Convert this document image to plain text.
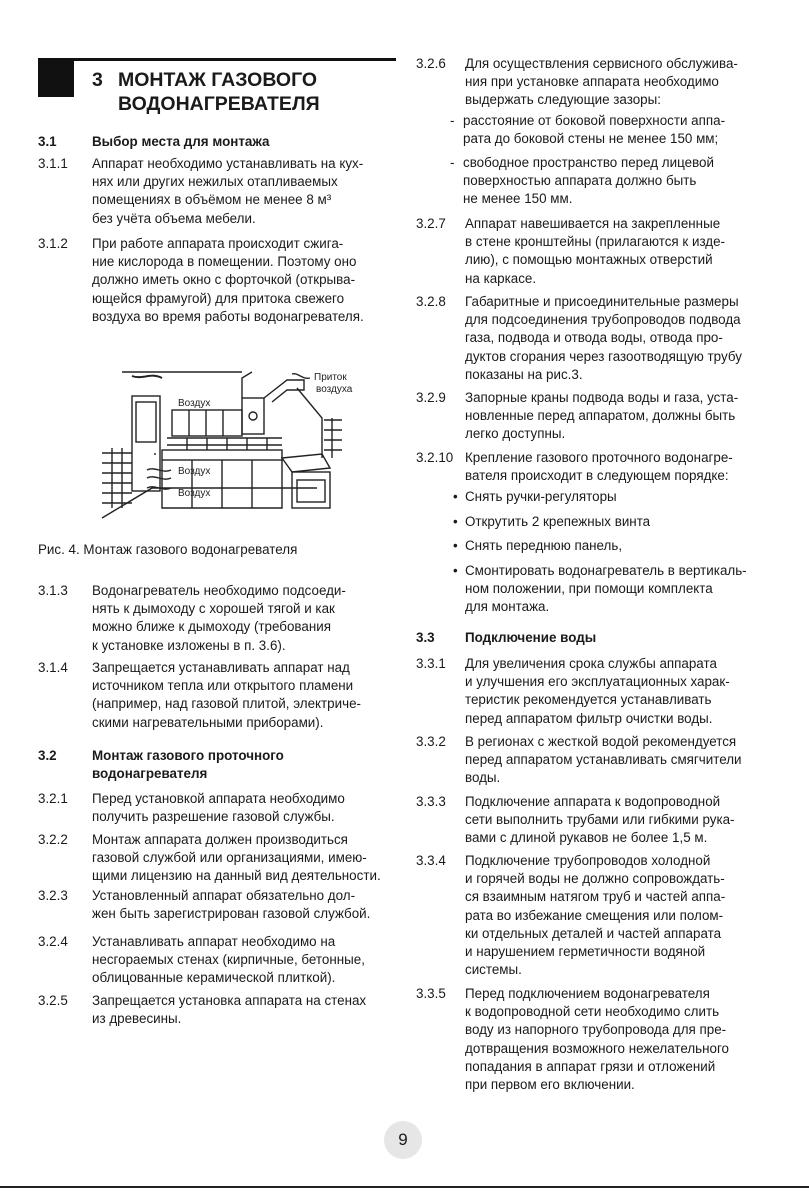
3 МОНТАЖ ГАЗОВОГО
ВОДОНАГРЕВАТЕЛЯ
3.1	Выбор места для монтажа
3.1.1	Аппарат необходимо устанавливать на кух-
нях или других нежилых отапливаемых
помещениях в объёмом не менее 8 м³
без учёта объема мебели.
3.1.2	При работе аппарата происходит сжига-
ние кислорода в помещении. Поэтому оно
должно иметь окно с форточкой (открыва-
ющейся фрамугой) для притока свежего
воздуха во время работы водонагревателя.
3.1.3	Водонагреватель необходимо подсоеди-
нять к дымоходу с хорошей тягой и как
можно ближе к дымоходу (требования
к установке изложены в п. 3.6).
3.1.4	Запрещается устанавливать аппарат над
источником тепла или открытого пламени
(например, над газовой плитой, электриче-
скими нагревательными приборами).
3.2	Монтаж газового проточного
водонагревателя
3.2.1	Перед установкой аппарата необходимо
получить разрешение газовой службы.
3.2.2	Монтаж аппарата должен производиться
газовой службой или организациями, имею-
щими лицензию на данный вид деятельности.
3.2.3	Установленный аппарат обязательно дол-
жен быть зарегистрирован газовой службой.
3.2.4	Устанавливать аппарат необходимо на
несгораемых стенах (кирпичные, бетонные,
облицованные керамической плиткой).
3.2.5	Запрещается установка аппарата на стенах
из древесины.
3.2.6	Для осуществления сервисного обслужива-
ния при установке аппарата необходимо
выдержать следующие зазоры:
3.2.7	Аппарат навешивается на закрепленные
в стене кронштейны (прилагаются к изде-
лию), с помощью монтажных отверстий
на каркасе.
3.2.8	Габаритные и присоединительные размеры
для подсоединения трубопроводов подвода
газа, подвода и отвода воды, отвода про-
дуктов сгорания через газоотводящую трубу
показаны на рис.3.
3.2.9	Запорные краны подвода воды и газа, уста-
новленные перед аппаратом, должны быть
легко доступны.
3.2.10 Крепление газового проточного водонагре-
вателя происходит в следующем порядке:
3.3	Подключение воды
3.3.1	Для увеличения срока службы аппарата
и улучшения его эксплуатационных харак-
теристик рекомендуется устанавливать
перед аппаратом фильтр очистки воды.
3.3.2	В регионах с жесткой водой рекомендуется
перед аппаратом устанавливать смягчители
воды.
3.3.3	Подключение аппарата к водопроводной
сети выполнить трубами или гибкими рука-
вами с длиной рукавов не более 1,5 м.
3.3.4	Подключение трубопроводов холодной
и горячей воды не должно сопровождать-
ся взаимным натягом труб и частей аппа-
рата во избежание смещения или полом-
ки отдельных деталей и частей аппарата
и нарушением герметичности водяной
системы.
3.3.5	Перед подключением водонагревателя
к водопроводной сети необходимо слить
воду из напорного трубопровода для пре-
дотвращения возможного нежелательного
попадания в аппарат грязи и отложений
при первом его включении.
Воздух
Воздух
Воздух
Приток
воздуха
Рис. 4. Монтаж газового водонагревателя
9
- расстояние от боковой поверхности аппа-
рата до боковой стены не менее 150 мм;
- свободное пространство перед лицевой
поверхностью аппарата должно быть
не менее 150 мм.
• Снять ручки-регуляторы
• Открутить 2 крепежных винта
• Снять переднюю панель,
• Смонтировать водонагреватель в вертикаль-
ном положении, при помощи комплекта
для монтажа.
